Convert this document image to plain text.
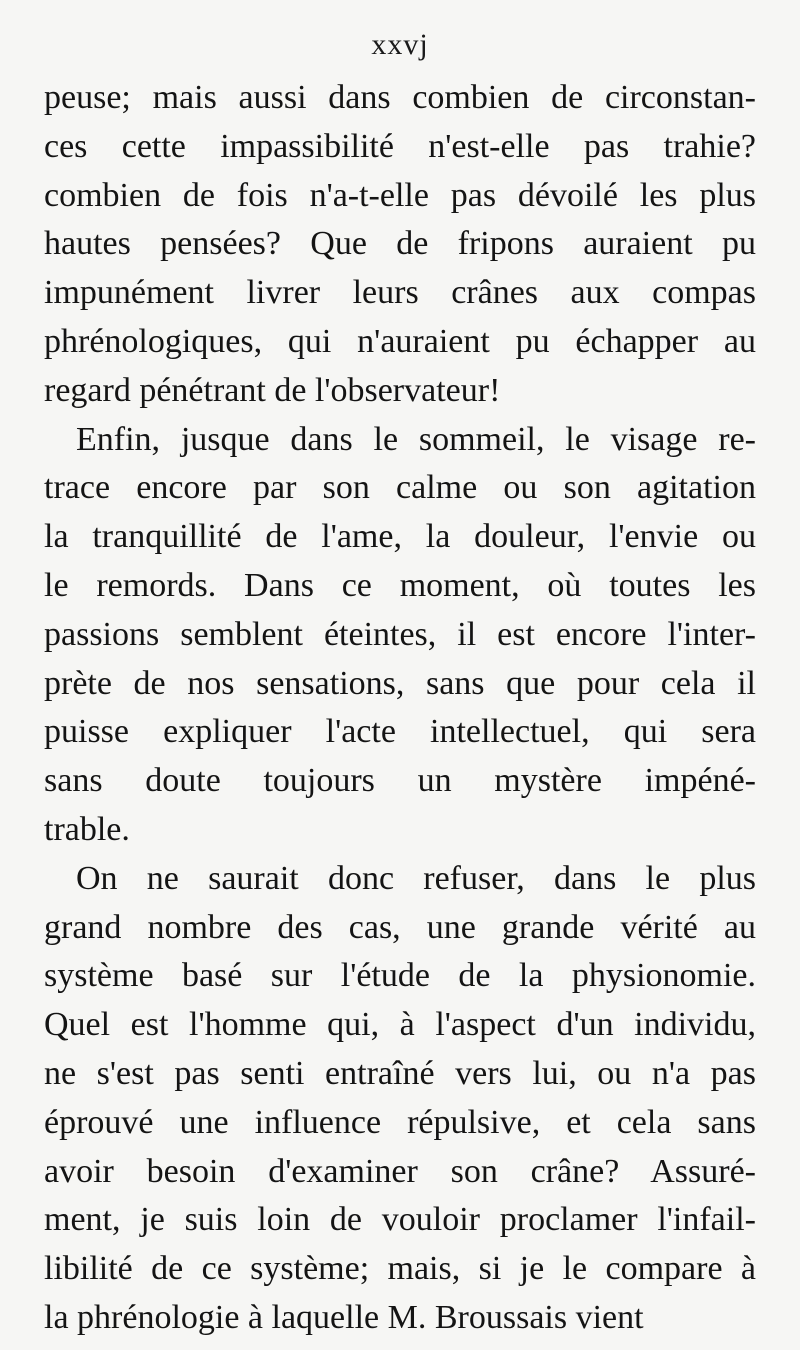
xxvj
peuse; mais aussi dans combien de circonstan-
ces cette impassibilité n'est-elle pas trahie?
combien de fois n'a-t-elle pas dévoilé les plus
hautes pensées? Que de fripons auraient pu
impunément livrer leurs crânes aux compas
phrénologiques, qui n'auraient pu échapper au
regard pénétrant de l'observateur!
Enfin, jusque dans le sommeil, le visage re-
trace encore par son calme ou son agitation
la tranquillité de l'ame, la douleur, l'envie ou
le remords. Dans ce moment, où toutes les
passions semblent éteintes, il est encore l'inter-
prète de nos sensations, sans que pour cela il
puisse expliquer l'acte intellectuel, qui sera
sans doute toujours un mystère impéné-
trable.
On ne saurait donc refuser, dans le plus
grand nombre des cas, une grande vérité au
système basé sur l'étude de la physionomie.
Quel est l'homme qui, à l'aspect d'un individu,
ne s'est pas senti entraîné vers lui, ou n'a pas
éprouvé une influence répulsive, et cela sans
avoir besoin d'examiner son crâne? Assuré-
ment, je suis loin de vouloir proclamer l'infail-
libilité de ce système; mais, si je le compare à
la phrénologie à laquelle M. Broussais vient
